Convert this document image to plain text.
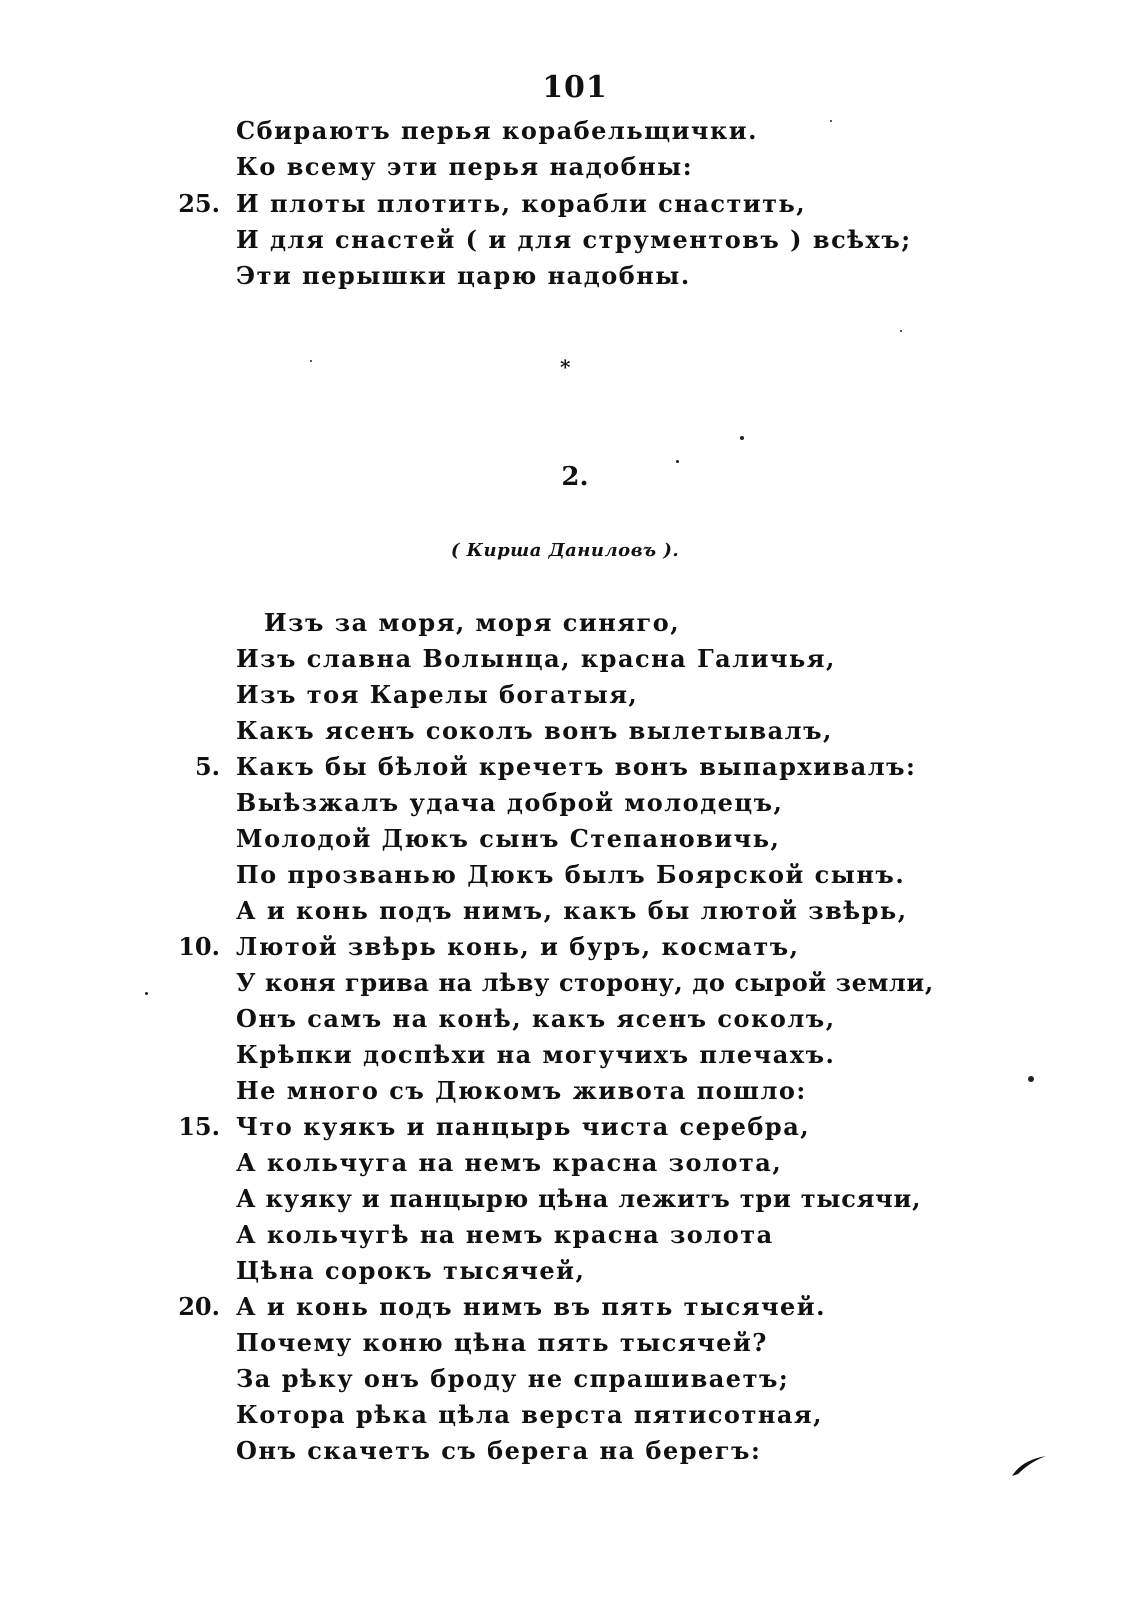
101
Сбираютъ перья корабельщички.
Ко всему эти перья надобны:
25. И плоты плотить, корабли снастить,
И для снастей ( и для струментовъ ) всѣхъ;
Эти перышки царю надобны.
*
2.
( Кирша Даниловъ ).
Изъ за моря, моря синяго,
Изъ славна Волынца, красна Галичья,
Изъ тоя Карелы богатыя,
Какъ ясенъ соколъ вонъ вылетывалъ,
5. Какъ бы бѣлой кречетъ вонъ выпархивалъ:
Выѣзжалъ удача доброй молодецъ,
Молодой Дюкъ сынъ Степановичь,
По прозванью Дюкъ былъ Боярской сынъ.
А и конь подъ нимъ, какъ бы лютой звѣрь,
10. Лютой звѣрь конь, и буръ, косматъ,
У коня грива на лѣву сторону, до сырой земли,
Онъ самъ на конѣ, какъ ясенъ соколъ,
Крѣпки доспѣхи на могучихъ плечахъ.
Не много съ Дюкомъ живота пошло:
15. Что куякъ и панцырь чиста серебра,
А кольчуга на немъ красна золота,
А куяку и панцырю цѣна лежитъ три тысячи,
А кольчугѣ на немъ красна золота
Цѣна сорокъ тысячей,
20. А и конь подъ нимъ въ пять тысячей.
Почему коню цѣна пять тысячей?
За рѣку онъ броду не спрашиваетъ;
Котора рѣка цѣла верста пятисотная,
Онъ скачетъ съ берега на берегъ:
